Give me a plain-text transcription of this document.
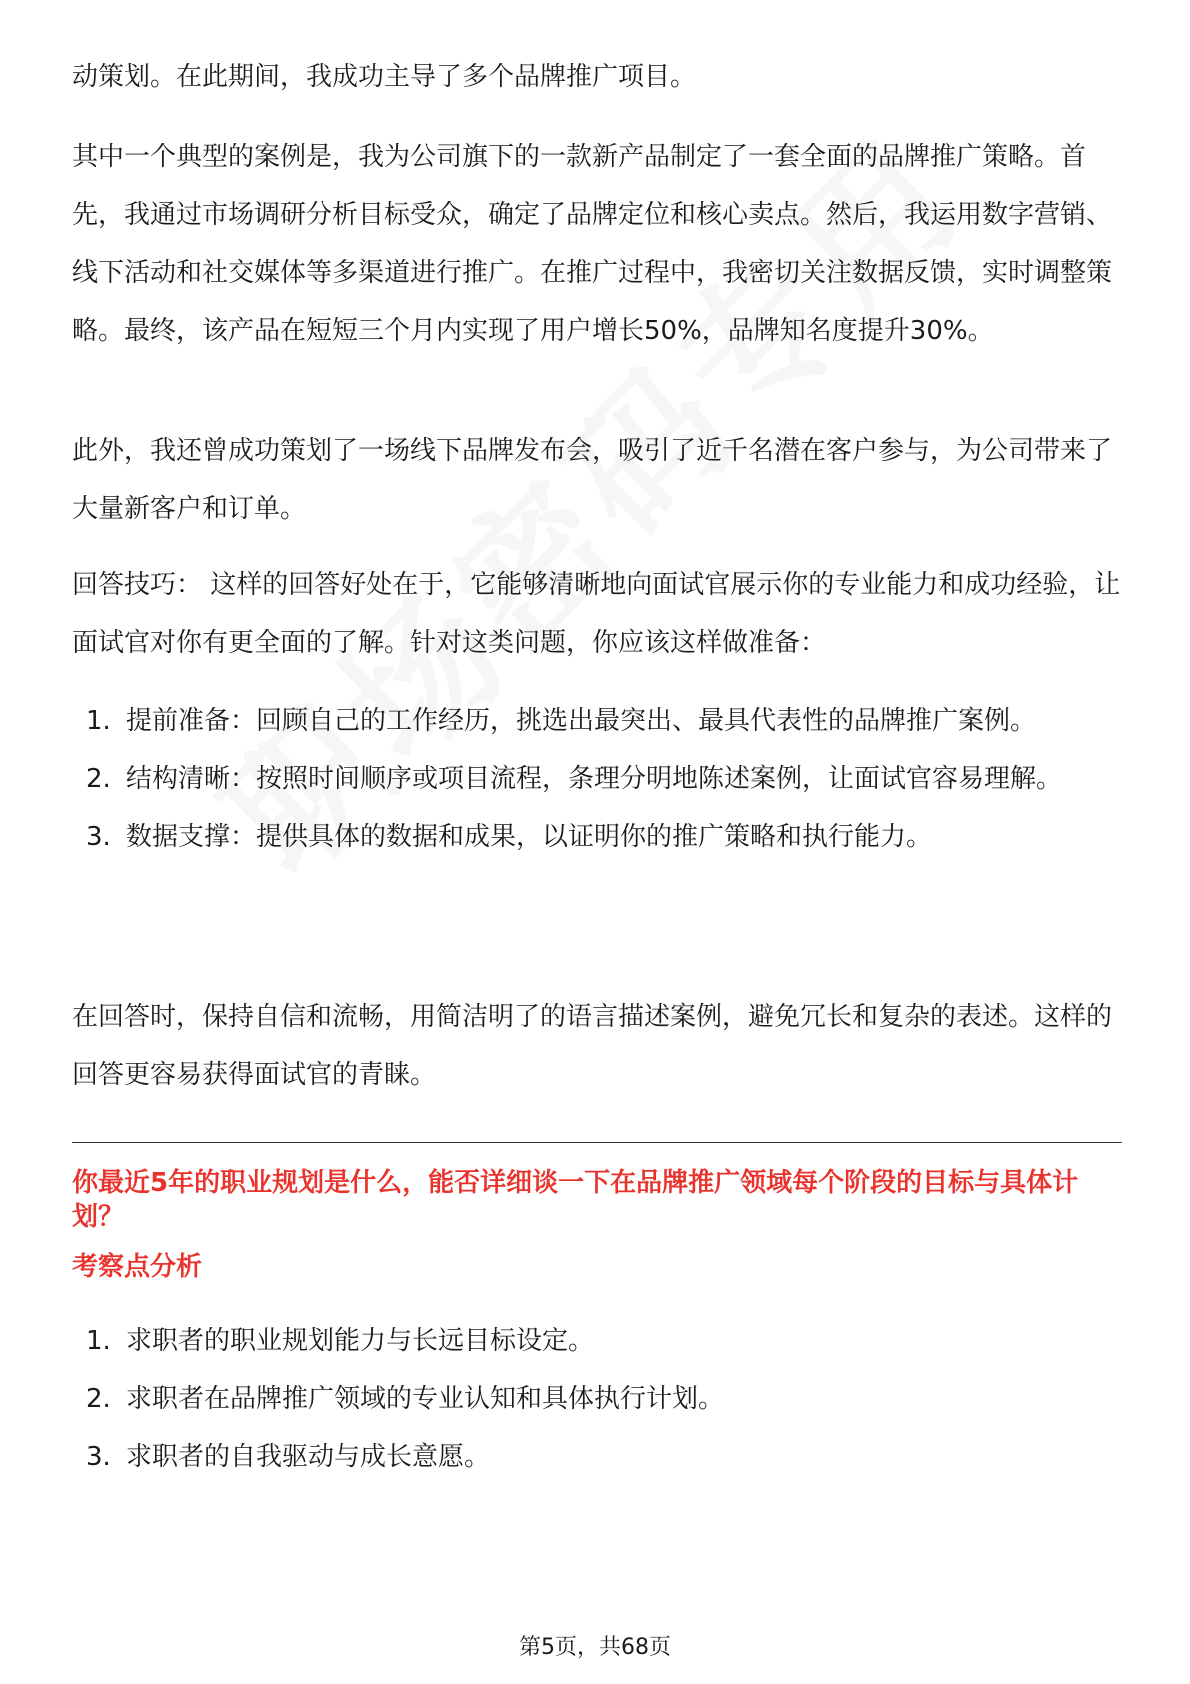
动策划。在此期间，我成功主导了多个品牌推广项目。

其中一个典型的案例是，我为公司旗下的一款新产品制定了一套全面的品牌推广策略。首先，我通过市场调研分析目标受众，确定了品牌定位和核心卖点。然后，我运用数字营销、线下活动和社交媒体等多渠道进行推广。在推广过程中，我密切关注数据反馈，实时调整策略。最终，该产品在短短三个月内实现了用户增长50%，品牌知名度提升30%。

此外，我还曾成功策划了一场线下品牌发布会，吸引了近千名潜在客户参与，为公司带来了大量新客户和订单。

回答技巧： 这样的回答好处在于，它能够清晰地向面试官展示你的专业能力和成功经验，让面试官对你有更全面的了解。针对这类问题，你应该这样做准备：

1. 提前准备：回顾自己的工作经历，挑选出最突出、最具代表性的品牌推广案例。
2. 结构清晰：按照时间顺序或项目流程，条理分明地陈述案例，让面试官容易理解。
3. 数据支撑：提供具体的数据和成果，以证明你的推广策略和执行能力。

在回答时，保持自信和流畅，用简洁明了的语言描述案例，避免冗长和复杂的表述。这样的回答更容易获得面试官的青睐。

你最近5年的职业规划是什么，能否详细谈一下在品牌推广领域每个阶段的目标与具体计划？

考察点分析

1. 求职者的职业规划能力与长远目标设定。
2. 求职者在品牌推广领域的专业认知和具体执行计划。
3. 求职者的自我驱动与成长意愿。
第5页，共68页
